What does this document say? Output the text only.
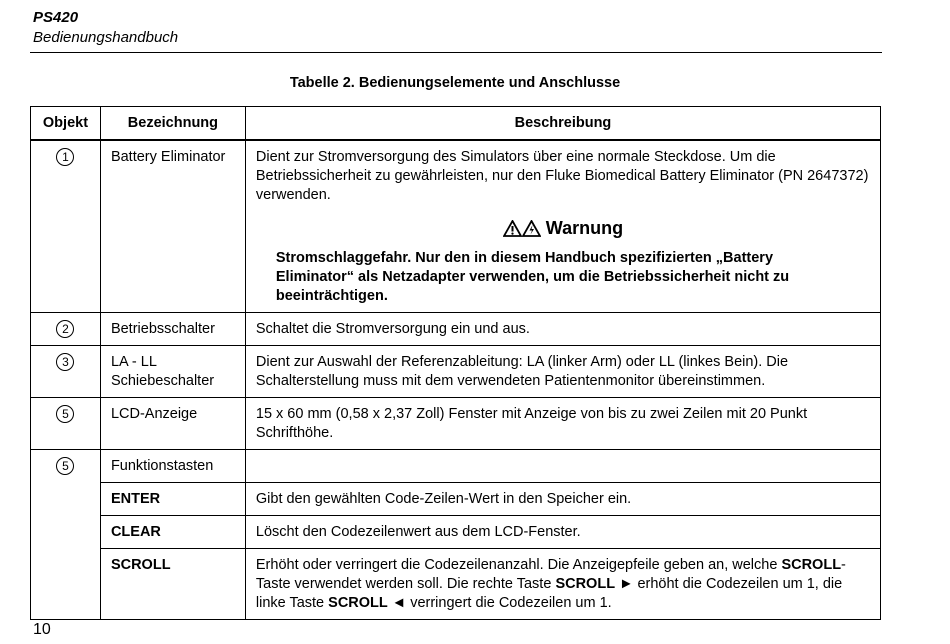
PS420
Bedienungshandbuch
Tabelle 2. Bedienungselemente und Anschlusse
Objekt	Bezeichnung	Beschreibung
1	Battery Eliminator	Dient zur Stromversorgung des Simulators über eine normale Steckdose. Um die Betriebssicherheit zu gewährleisten, nur den Fluke Biomedical Battery Eliminator (PN 2647372) verwenden.
Warnung
Stromschlaggefahr. Nur den in diesem Handbuch spezifizierten „Battery Eliminator“ als Netzadapter verwenden, um die Betriebssicherheit nicht zu beeinträchtigen.

2	Betriebsschalter	Schaltet die Stromversorgung ein und aus.
3	LA - LL Schiebeschalter	Dient zur Auswahl der Referenzableitung: LA (linker Arm) oder LL (linkes Bein). Die Schalterstellung muss mit dem verwendeten Patientenmonitor übereinstimmen.
5	LCD-Anzeige	15 x 60 mm (0,58 x 2,37 Zoll) Fenster mit Anzeige von bis zu zwei Zeilen mit 20 Punkt Schrifthöhe.
5	Funktionstasten	
	ENTER	Gibt den gewählten Code-Zeilen-Wert in den Speicher ein.
	CLEAR	Löscht den Codezeilenwert aus dem LCD-Fenster.
	SCROLL	Erhöht oder verringert die Codezeilenanzahl. Die Anzeigepfeile geben an, welche SCROLL-Taste verwendet werden soll. Die rechte Taste SCROLL ► erhöht die Codezeilen um 1, die linke Taste SCROLL ◄ verringert die Codezeilen um 1.
10
